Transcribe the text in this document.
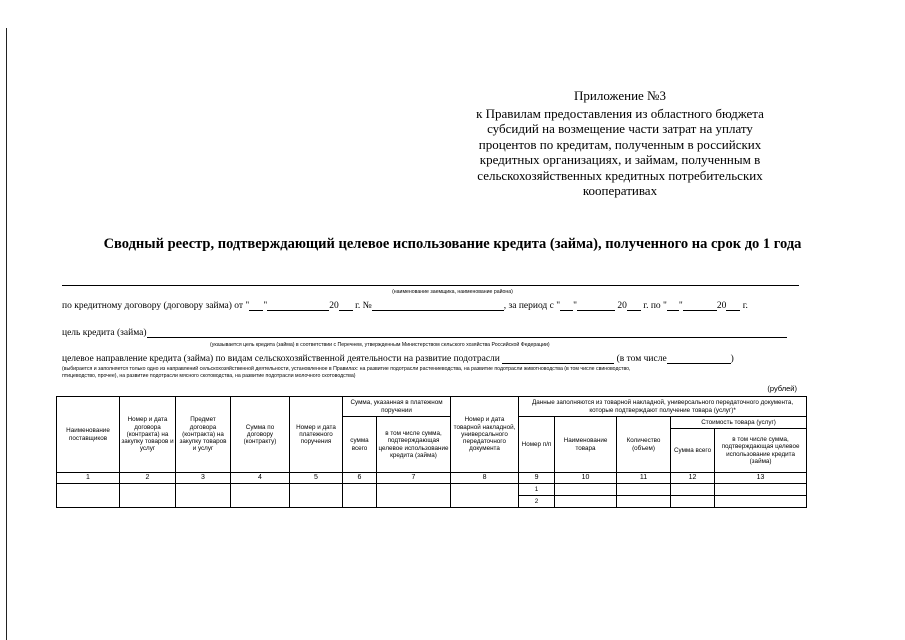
Приложение №3
к Правилам предоставления из областного бюджета
субсидий на возмещение части затрат на уплату
процентов по кредитам, полученным в российских
кредитных организациях, и займам, полученным в
сельскохозяйственных кредитных потребительских
кооперативах
Сводный реестр, подтверждающий целевое использование кредита (займа), полученного на срок до 1 года
(наименование заемщика, наименование района)
по кредитному договору (договору займа) от " "	20 г. №	, за период с " "	20 г. по " "	20 г.
цель кредита (займа)
(указывается цель кредита (займа) в соответствии с Перечнем, утвержденным Министерством сельского хозяйства Российской Федерации)
целевое направление кредита (займа) по видам сельскохозяйственной деятельности на развитие подотрасли	(в том числе	)
(выбирается и заполняется только одно из направлений сельскохозяйственной деятельности, установленное в Правилах: на развитие подотрасли растениеводства, на развитие подотрасли животноводства (в том числе свиноводство,
птицеводство, прочее), на развитие подотрасли мясного скотоводства, на развитие подотрасли молочного скотоводства)
(рублей)
Наименование поставщиков	Номер и дата договора (контракта) на закупку товаров и услуг	Предмет договора (контракта) на закупку товаров и услуг	Сумма по договору (контракту)	Номер и дата платежного поручения	Сумма, указанная в платежном поручении		Номер и дата товарной накладной, универсального передаточного документа	Данные заполняются из товарной накладной, универсального передаточного документа, которые подтверждают получение товара (услуг)*				
					сумма всего	в том числе сумма, подтверждающая целевое использование кредита (займа)		Номер п/п	Наименование товара	Количество (объем)	Стоимость товара (услуг)	
											Сумма всего	в том числе сумма, подтверждающая целевое использование кредита (займа)
1	2	3	4	5	6	7	8	9	10	11	12	13
								1				
								2				
